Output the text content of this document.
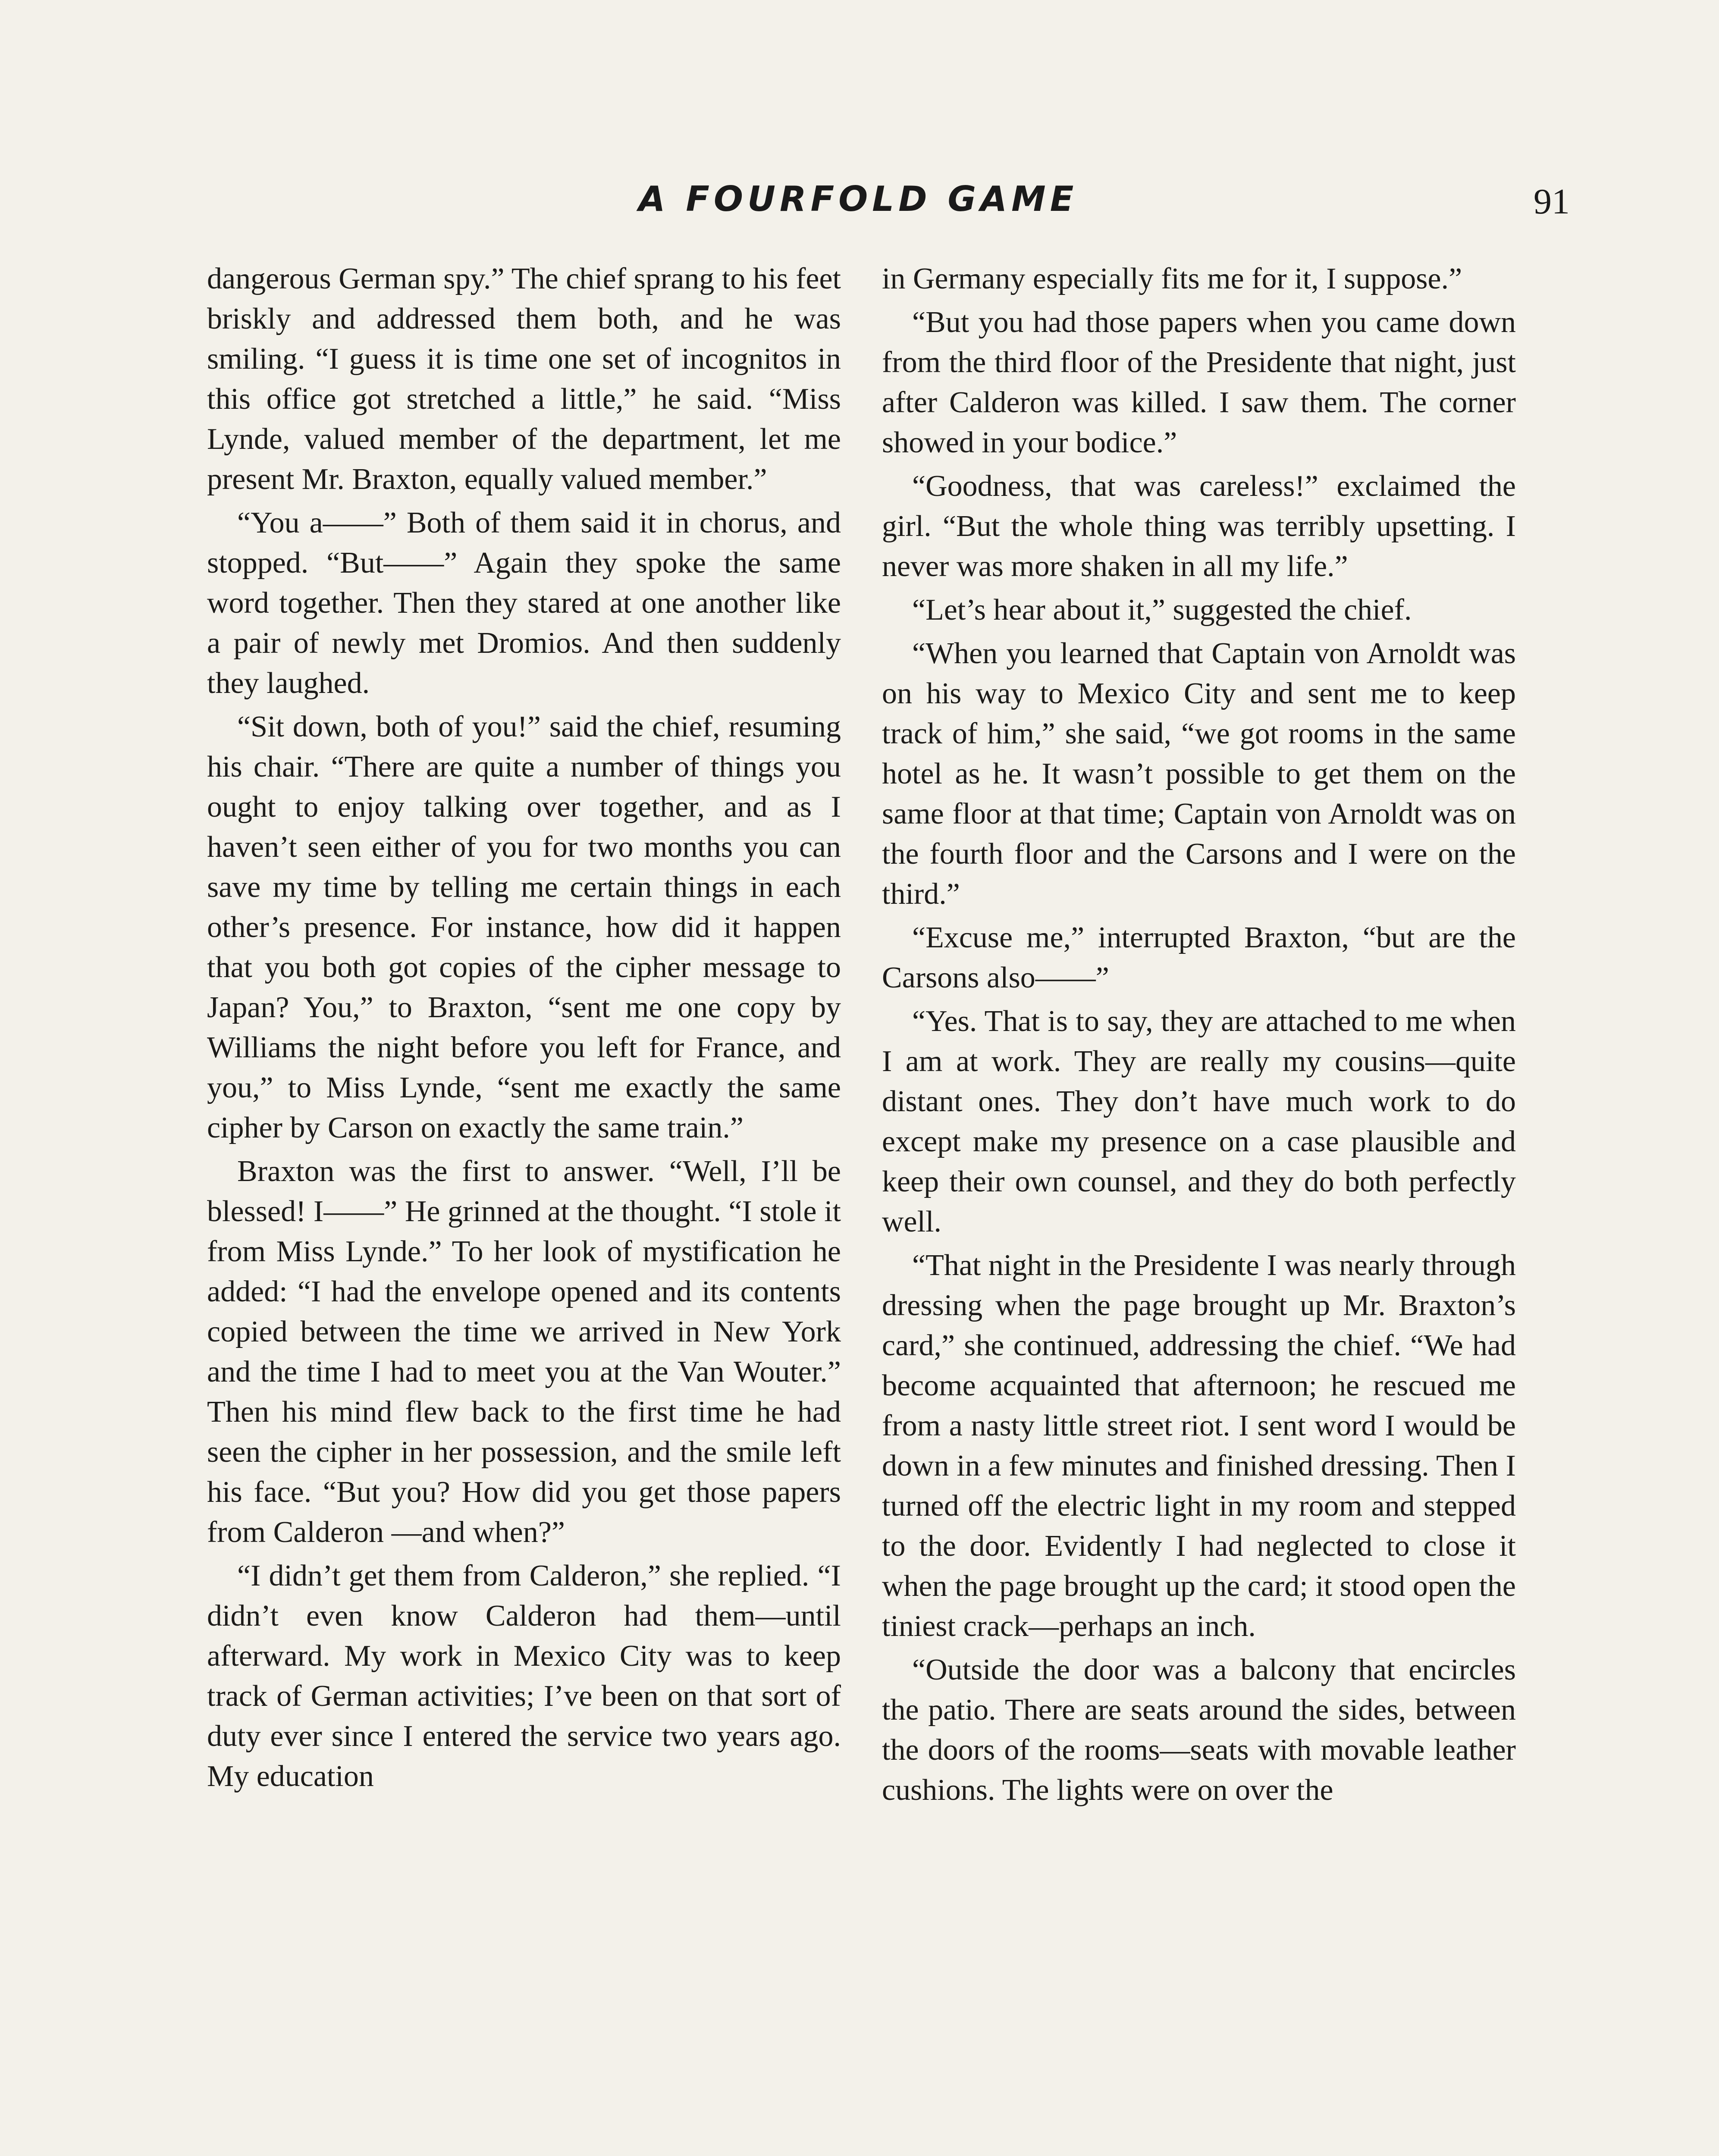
A FOURFOLD GAME	91

dangerous German spy.” The chief sprang to his feet briskly and addressed them both, and he was smiling. “I guess it is time one set of incognitos in this office got stretched a little,” he said. “Miss Lynde, valued member of the department, let me present Mr. Braxton, equally valued member.”

“You a——” Both of them said it in chorus, and stopped. “But——” Again they spoke the same word together. Then they stared at one another like a pair of newly met Dromios. And then suddenly they laughed.

“Sit down, both of you!” said the chief, resuming his chair. “There are quite a number of things you ought to enjoy talking over together, and as I haven’t seen either of you for two months you can save my time by telling me certain things in each other’s presence. For instance, how did it happen that you both got copies of the cipher message to Japan? You,” to Braxton, “sent me one copy by Williams the night before you left for France, and you,” to Miss Lynde, “sent me exactly the same cipher by Carson on exactly the same train.”

Braxton was the first to answer. “Well, I’ll be blessed! I——” He grinned at the thought. “I stole it from Miss Lynde.” To her look of mystification he added: “I had the envelope opened and its contents copied between the time we arrived in New York and the time I had to meet you at the Van Wouter.” Then his mind flew back to the first time he had seen the cipher in her possession, and the smile left his face. “But you? How did you get those papers from Calderon —and when?”

“I didn’t get them from Calderon,” she replied. “I didn’t even know Calderon had them—until afterward. My work in Mexico City was to keep track of German activities; I’ve been on that sort of duty ever since I entered the service two years ago. My education

in Germany especially fits me for it, I suppose.”

“But you had those papers when you came down from the third floor of the Presidente that night, just after Calderon was killed. I saw them. The corner showed in your bodice.”

“Goodness, that was careless!” exclaimed the girl. “But the whole thing was terribly upsetting. I never was more shaken in all my life.”

“Let’s hear about it,” suggested the chief.

“When you learned that Captain von Arnoldt was on his way to Mexico City and sent me to keep track of him,” she said, “we got rooms in the same hotel as he. It wasn’t possible to get them on the same floor at that time; Captain von Arnoldt was on the fourth floor and the Carsons and I were on the third.”

“Excuse me,” interrupted Braxton, “but are the Carsons also——”

“Yes. That is to say, they are attached to me when I am at work. They are really my cousins—quite distant ones. They don’t have much work to do except make my presence on a case plausible and keep their own counsel, and they do both perfectly well.

“That night in the Presidente I was nearly through dressing when the page brought up Mr. Braxton’s card,” she continued, addressing the chief. “We had become acquainted that afternoon; he rescued me from a nasty little street riot. I sent word I would be down in a few minutes and finished dressing. Then I turned off the electric light in my room and stepped to the door. Evidently I had neglected to close it when the page brought up the card; it stood open the tiniest crack—perhaps an inch.

“Outside the door was a balcony that encircles the patio. There are seats around the sides, between the doors of the rooms—seats with movable leather cushions. The lights were on over the
